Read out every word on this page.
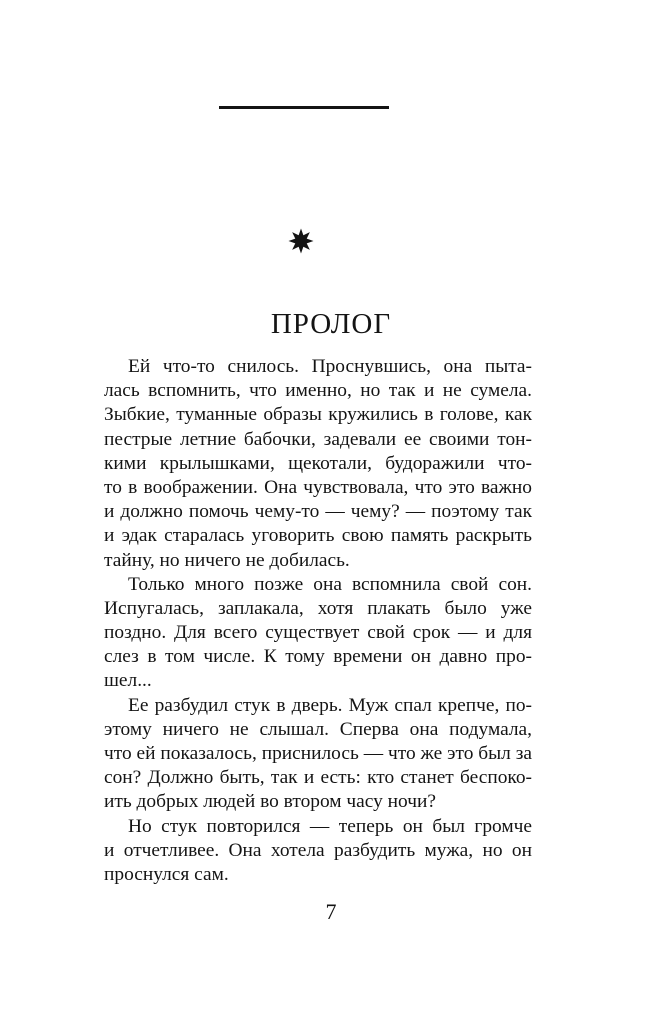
ПРОЛОГ
Ей что-то снилось. Проснувшись, она пыта-
лась вспомнить, что именно, но так и не сумела.
Зыбкие, туманные образы кружились в голове, как
пестрые летние бабочки, задевали ее своими тон-
кими крылышками, щекотали, будоражили что-
то в воображении. Она чувствовала, что это важно
и должно помочь чему-то — чему? — поэтому так
и эдак старалась уговорить свою память раскрыть
тайну, но ничего не добилась.
Только много позже она вспомнила свой сон.
Испугалась, заплакала, хотя плакать было уже
поздно. Для всего существует свой срок — и для
слез в том числе. К тому времени он давно про-
шел...
Ее разбудил стук в дверь. Муж спал крепче, по-
этому ничего не слышал. Сперва она подумала,
что ей показалось, приснилось — что же это был за
сон? Должно быть, так и есть: кто станет беспоко-
ить добрых людей во втором часу ночи?
Но стук повторился — теперь он был громче
и отчетливее. Она хотела разбудить мужа, но он
проснулся сам.
7
